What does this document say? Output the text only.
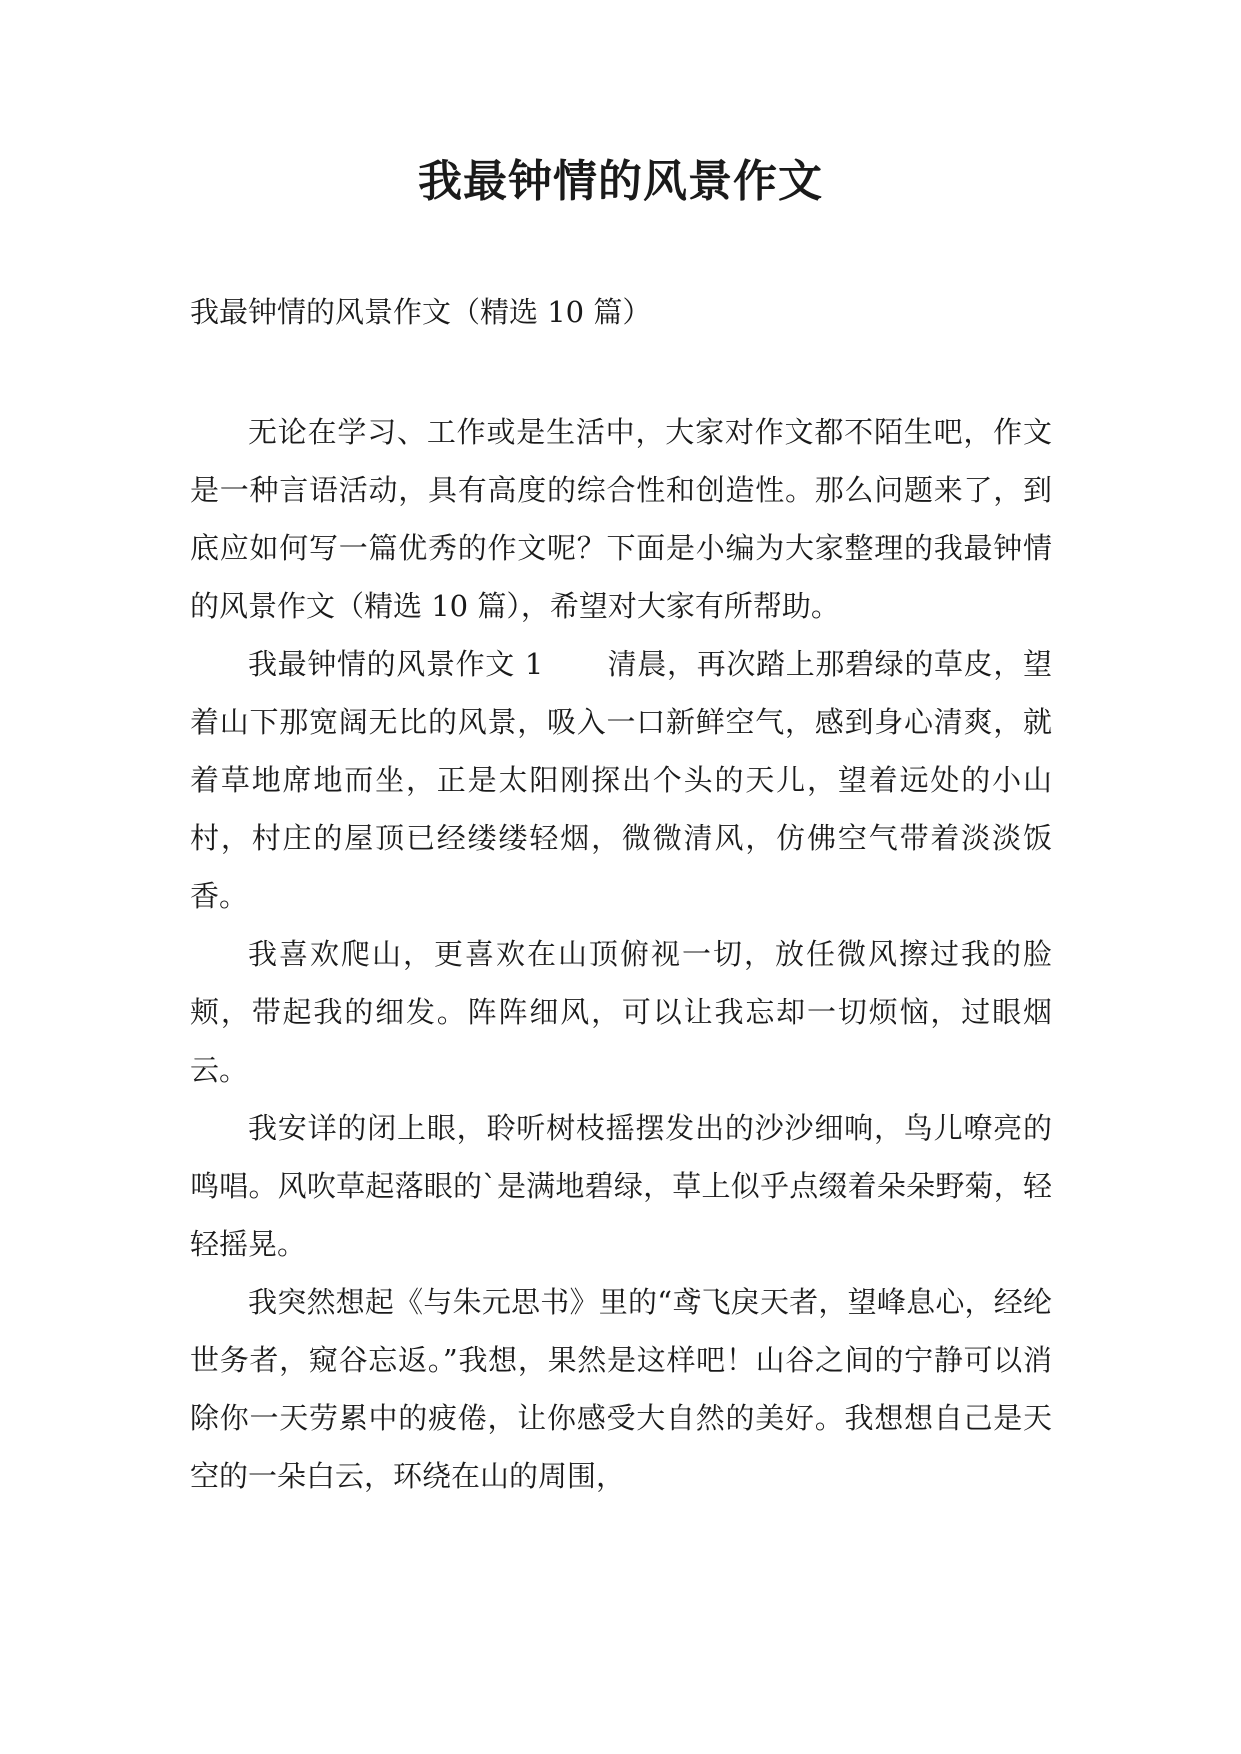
我最钟情的风景作文
我最钟情的风景作文（精选 10 篇）

无论在学习、工作或是生活中，大家对作文都不陌生吧，作文是一种言语活动，具有高度的综合性和创造性。那么问题来了，到底应如何写一篇优秀的作文呢？下面是小编为大家整理的我最钟情的风景作文（精选 10 篇），希望对大家有所帮助。

我最钟情的风景作文 1 清晨，再次踏上那碧绿的草皮，望着山下那宽阔无比的风景，吸入一口新鲜空气，感到身心清爽，就着草地席地而坐，正是太阳刚探出个头的天儿，望着远处的小山村，村庄的屋顶已经缕缕轻烟，微微清风，仿佛空气带着淡淡饭香。

我喜欢爬山，更喜欢在山顶俯视一切，放任微风擦过我的脸颊，带起我的细发。阵阵细风，可以让我忘却一切烦恼，过眼烟云。

我安详的闭上眼，聆听树枝摇摆发出的沙沙细响，鸟儿嘹亮的鸣唱。风吹草起落眼的`是满地碧绿，草上似乎点缀着朵朵野菊，轻轻摇晃。

我突然想起《与朱元思书》里的“鸢飞戾天者，望峰息心，经纶世务者，窥谷忘返。”我想，果然是这样吧！山谷之间的宁静可以消除你一天劳累中的疲倦，让你感受大自然的美好。我想想自己是天空的一朵白云，环绕在山的周围，
